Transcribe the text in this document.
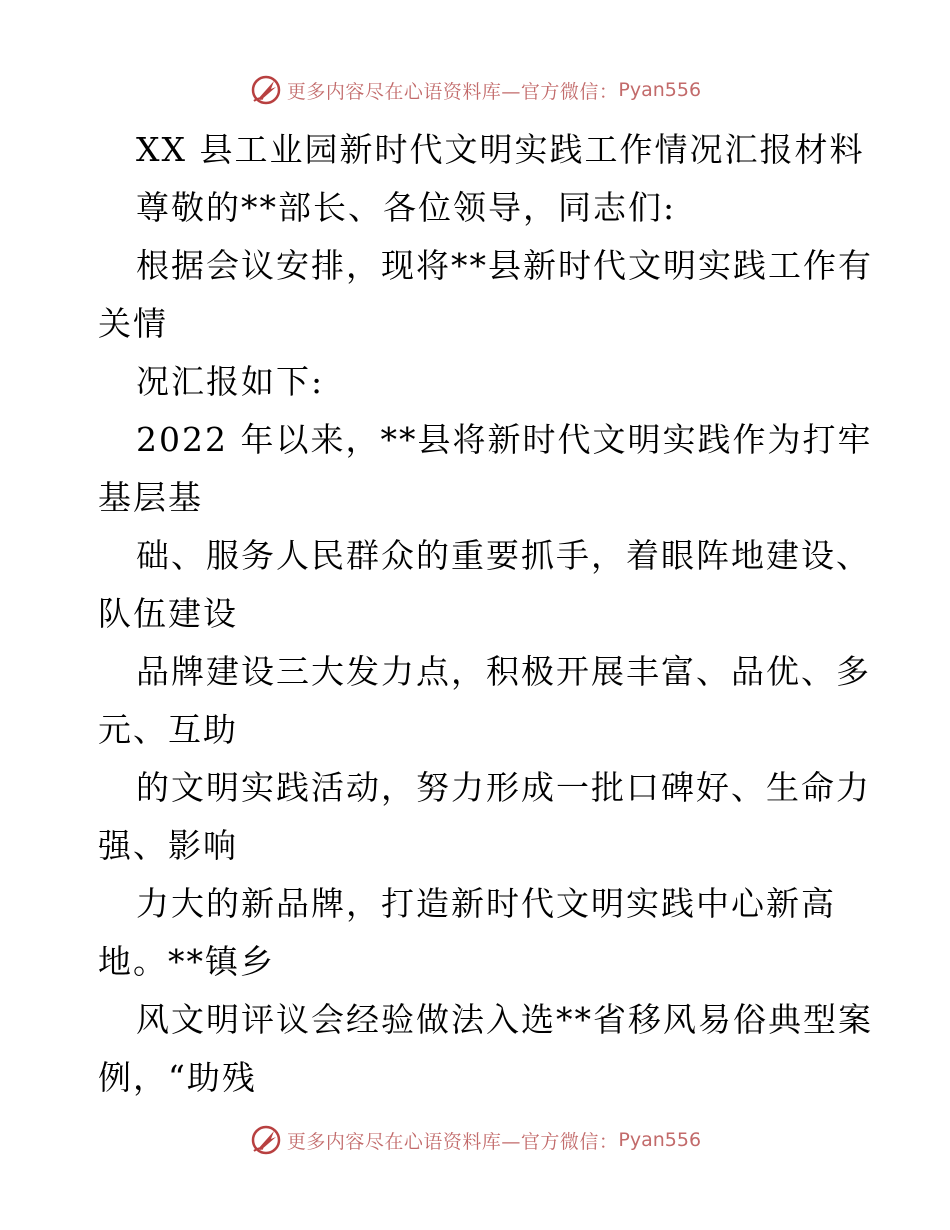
更多内容尽在心语资料库—官方微信： Pyan556
XX 县工业园新时代文明实践工作情况汇报材料
尊敬的**部长、各位领导，同志们:
根据会议安排，现将**县新时代文明实践工作有
关情
况汇报如下:
2022 年以来，**县将新时代文明实践作为打牢
基层基
础、服务人民群众的重要抓手，着眼阵地建设、
队伍建设
品牌建设三大发力点，积极开展丰富、品优、多
元、互助
的文明实践活动，努力形成一批口碑好、生命力
强、影响
力大的新品牌，打造新时代文明实践中心新高
地。**镇乡
风文明评议会经验做法入选**省移风易俗典型案
例，“助残
更多内容尽在心语资料库—官方微信： Pyan556
